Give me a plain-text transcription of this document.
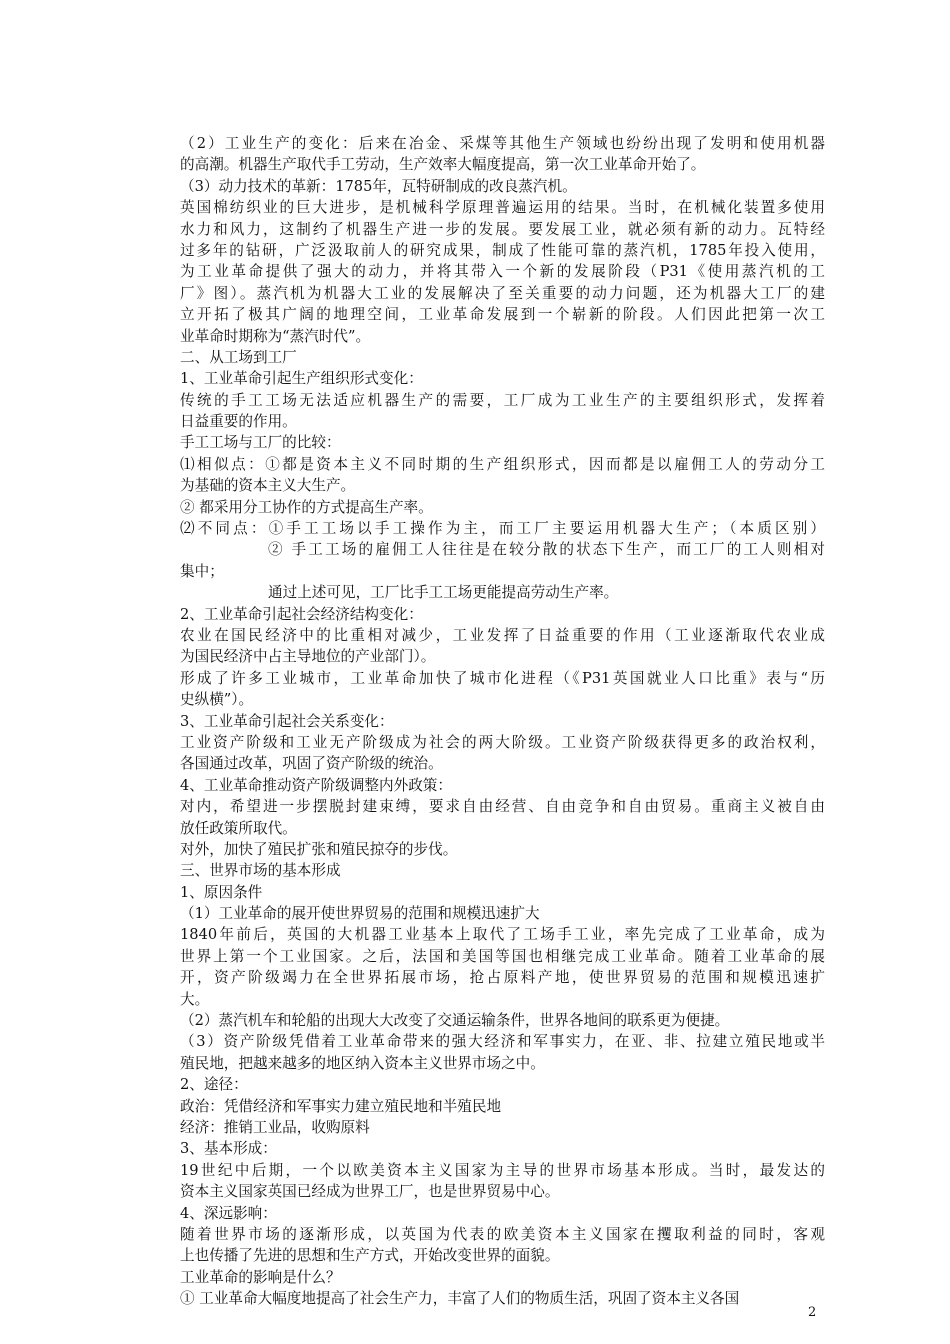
（2）工业生产的变化：后来在冶金、采煤等其他生产领域也纷纷出现了发明和使用机器
的高潮。机器生产取代手工劳动，生产效率大幅度提高，第一次工业革命开始了。
（3）动力技术的革新：1785年，瓦特研制成的改良蒸汽机。
英国棉纺织业的巨大进步，是机械科学原理普遍运用的结果。当时，在机械化装置多使用
水力和风力，这制约了机器生产进一步的发展。要发展工业，就必须有新的动力。瓦特经
过多年的钻研，广泛汲取前人的研究成果，制成了性能可靠的蒸汽机，1785年投入使用，
为工业革命提供了强大的动力，并将其带入一个新的发展阶段（P31《使用蒸汽机的工
厂》图）。蒸汽机为机器大工业的发展解决了至关重要的动力问题，还为机器大工厂的建
立开拓了极其广阔的地理空间，工业革命发展到一个崭新的阶段。人们因此把第一次工
业革命时期称为“蒸汽时代”。
二、从工场到工厂
1、工业革命引起生产组织形式变化：
传统的手工工场无法适应机器生产的需要，工厂成为工业生产的主要组织形式，发挥着
日益重要的作用。
手工工场与工厂的比较：
⑴相似点：①都是资本主义不同时期的生产组织形式，因而都是以雇佣工人的劳动分工
为基础的资本主义大生产。
② 都采用分工协作的方式提高生产率。
⑵不同点：①手工工场以手工操作为主，而工厂主要运用机器大生产；（本质区别）
② 手工工场的雇佣工人往往是在较分散的状态下生产，而工厂的工人则相对
集中；
通过上述可见，工厂比手工工场更能提高劳动生产率。
2、工业革命引起社会经济结构变化：
农业在国民经济中的比重相对减少，工业发挥了日益重要的作用（工业逐渐取代农业成
为国民经济中占主导地位的产业部门）。
形成了许多工业城市，工业革命加快了城市化进程（《P31英国就业人口比重》表与“历
史纵横”）。
3、工业革命引起社会关系变化：
工业资产阶级和工业无产阶级成为社会的两大阶级。工业资产阶级获得更多的政治权利，
各国通过改革，巩固了资产阶级的统治。
4、工业革命推动资产阶级调整内外政策：
对内，希望进一步摆脱封建束缚，要求自由经营、自由竞争和自由贸易。重商主义被自由
放任政策所取代。
对外，加快了殖民扩张和殖民掠夺的步伐。
三、世界市场的基本形成
1、原因条件
（1）工业革命的展开使世界贸易的范围和规模迅速扩大
1840年前后，英国的大机器工业基本上取代了工场手工业，率先完成了工业革命，成为
世界上第一个工业国家。之后，法国和美国等国也相继完成工业革命。随着工业革命的展
开，资产阶级竭力在全世界拓展市场，抢占原料产地，使世界贸易的范围和规模迅速扩
大。
（2）蒸汽机车和轮船的出现大大改变了交通运输条件，世界各地间的联系更为便捷。
（3）资产阶级凭借着工业革命带来的强大经济和军事实力，在亚、非、拉建立殖民地或半
殖民地，把越来越多的地区纳入资本主义世界市场之中。
2、途径：
政治：凭借经济和军事实力建立殖民地和半殖民地
经济：推销工业品，收购原料
3、基本形成：
19世纪中后期，一个以欧美资本主义国家为主导的世界市场基本形成。当时，最发达的
资本主义国家英国已经成为世界工厂，也是世界贸易中心。
4、深远影响：
随着世界市场的逐渐形成，以英国为代表的欧美资本主义国家在攫取利益的同时，客观
上也传播了先进的思想和生产方式，开始改变世界的面貌。
工业革命的影响是什么？
① 工业革命大幅度地提高了社会生产力，丰富了人们的物质生活，巩固了资本主义各国
2
